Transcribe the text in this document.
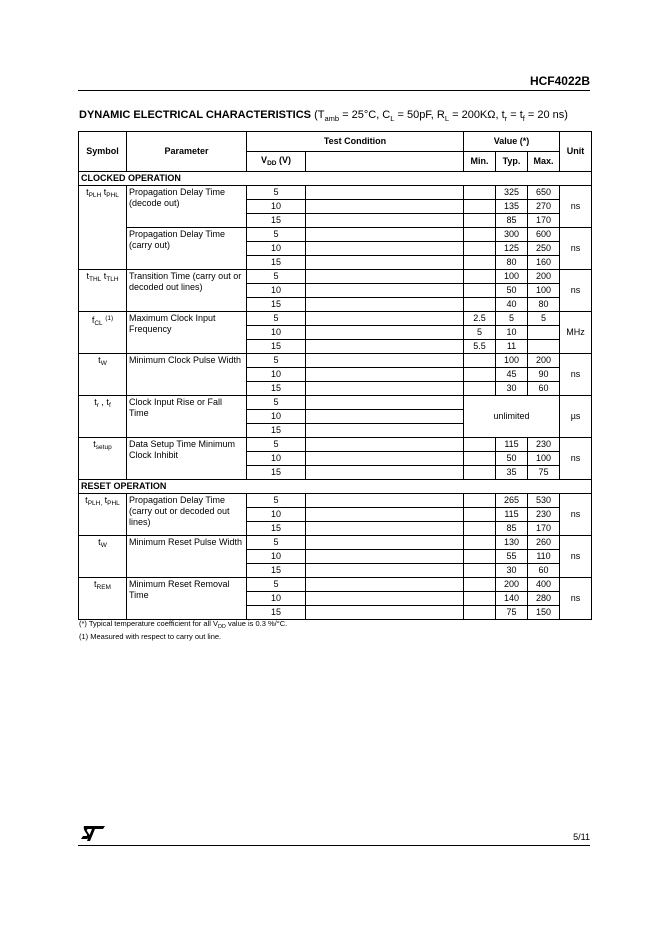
HCF4022B
DYNAMIC ELECTRICAL CHARACTERISTICS ($T_{amb} = 25^\circ C$, $C_L = 50pF$, $R_L = 200K\Omega$, $t_r = t_f = 20$ ns)
Symbol	Parameter	Test Condition		Value (*)			Unit
		$V_{DD}$ (V)		Min.	Typ.	Max.	
CLOCKED OPERATION							
$t_{PLH}$ $t_{PHL}$	Propagation Delay Time (decode out)	5			325	650	ns
		10			135	270	
		15			85	170	
	Propagation Delay Time (carry out)	5			300	600	ns
		10			125	250	
		15			80	160	
$t_{THL}$ $t_{TLH}$	Transition Time (carry out or decoded out lines)	5			100	200	ns
		10			50	100	
		15			40	80	
$f_{CL}$ $^{(1)}$	Maximum Clock Input Frequency	5		2.5	5	5	MHz
		10		5	10		
		15		5.5	11		
$t_W$	Minimum Clock Pulse Width	5			100	200	ns
		10			45	90	
		15			30	60	
$t_r$ , $t_f$	Clock Input Rise or Fall Time	5		unlimited			µs
		10					
		15					
$t_{setup}$	Data Setup Time Minimum Clock Inhibit	5			115	230	ns
		10			50	100	
		15			35	75	
RESET OPERATION							
$t_{PLH,}$ $t_{PHL}$	Propagation Delay Time (carry out or decoded out lines)	5			265	530	ns
		10			115	230	
		15			85	170	
$t_W$	Minimum Reset Pulse Width	5			130	260	ns
		10			55	110	
		15			30	60	
$t_{REM}$	Minimum Reset Removal Time	5			200	400	ns
		10			140	280	
		15			75	150	
(*) Typical temperature coefficient for all $V_{DD}$ value is 0.3 %/°C.
(1) Measured with respect to carry out line.
5/11
